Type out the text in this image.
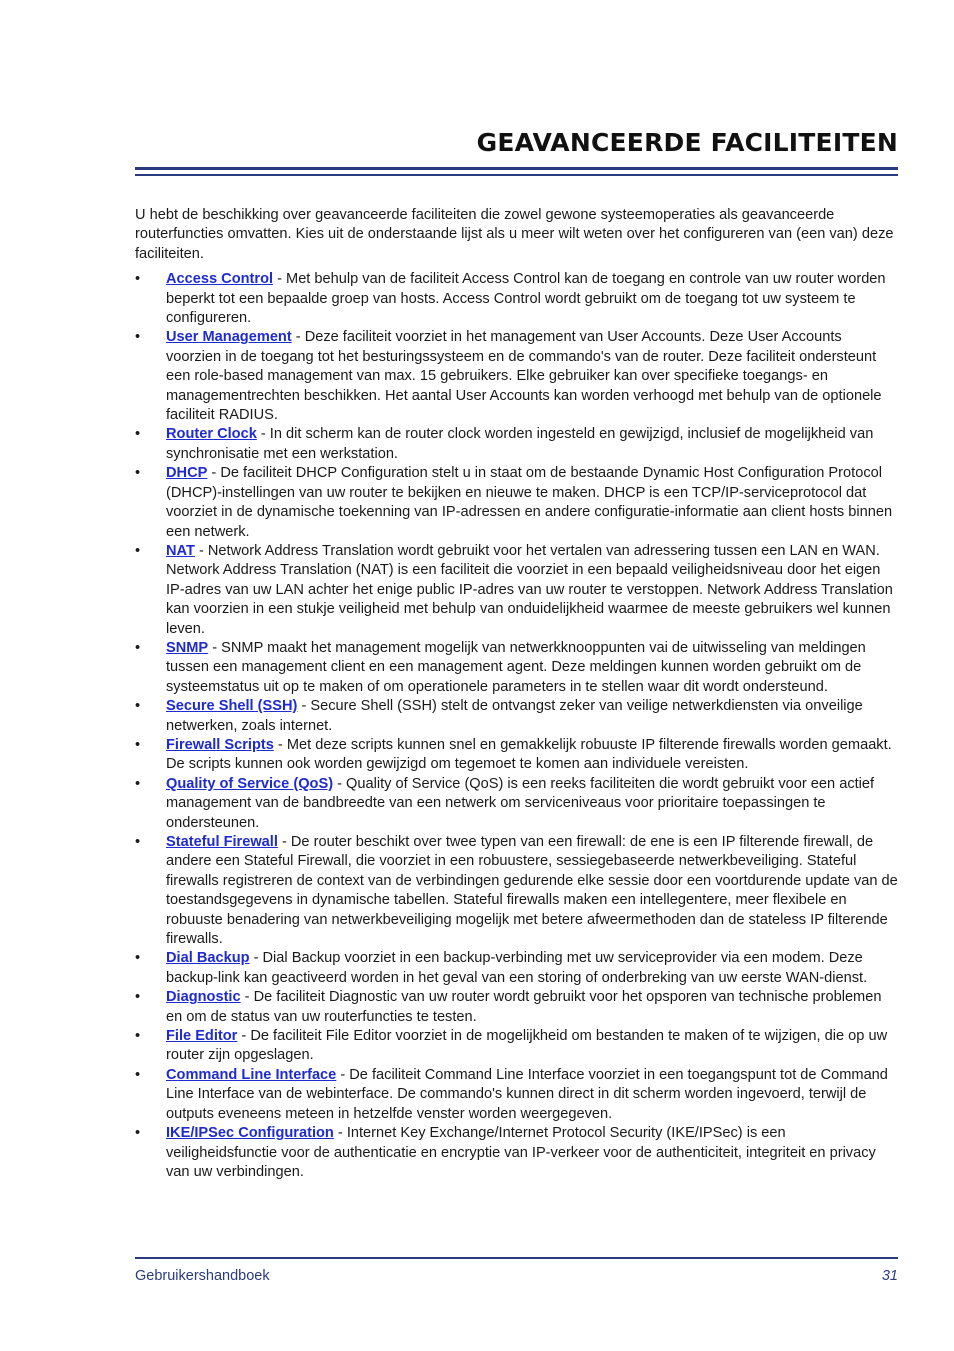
GEAVANCEERDE FACILITEITEN

U hebt de beschikking over geavanceerde faciliteiten die zowel gewone systeemoperaties als geavanceerde routerfuncties omvatten. Kies uit de onderstaande lijst als u meer wilt weten over het configureren van (een van) deze faciliteiten.

• Access Control - Met behulp van de faciliteit Access Control kan de toegang en controle van uw router worden beperkt tot een bepaalde groep van hosts. Access Control wordt gebruikt om de toegang tot uw systeem te configureren.
• User Management - Deze faciliteit voorziet in het management van User Accounts. Deze User Accounts voorzien in de toegang tot het besturingssysteem en de commando's van de router. Deze faciliteit ondersteunt een role-based management van max. 15 gebruikers. Elke gebruiker kan over specifieke toegangs- en managementrechten beschikken. Het aantal User Accounts kan worden verhoogd met behulp van de optionele faciliteit RADIUS.
• Router Clock - In dit scherm kan de router clock worden ingesteld en gewijzigd, inclusief de mogelijkheid van synchronisatie met een werkstation.
• DHCP - De faciliteit DHCP Configuration stelt u in staat om de bestaande Dynamic Host Configuration Protocol (DHCP)-instellingen van uw router te bekijken en nieuwe te maken. DHCP is een TCP/IP-serviceprotocol dat voorziet in de dynamische toekenning van IP-adressen en andere configuratie-informatie aan client hosts binnen een netwerk.
• NAT - Network Address Translation wordt gebruikt voor het vertalen van adressering tussen een LAN en WAN. Network Address Translation (NAT) is een faciliteit die voorziet in een bepaald veiligheidsniveau door het eigen IP-adres van uw LAN achter het enige public IP-adres van uw router te verstoppen. Network Address Translation kan voorzien in een stukje veiligheid met behulp van onduidelijkheid waarmee de meeste gebruikers wel kunnen leven.
• SNMP - SNMP maakt het management mogelijk van netwerkknooppunten vai de uitwisseling van meldingen tussen een management client en een management agent. Deze meldingen kunnen worden gebruikt om de systeemstatus uit op te maken of om operationele parameters in te stellen waar dit wordt ondersteund.
• Secure Shell (SSH) - Secure Shell (SSH) stelt de ontvangst zeker van veilige netwerkdiensten via onveilige netwerken, zoals internet.
• Firewall Scripts - Met deze scripts kunnen snel en gemakkelijk robuuste IP filterende firewalls worden gemaakt. De scripts kunnen ook worden gewijzigd om tegemoet te komen aan individuele vereisten.
• Quality of Service (QoS) - Quality of Service (QoS) is een reeks faciliteiten die wordt gebruikt voor een actief management van de bandbreedte van een netwerk om serviceniveaus voor prioritaire toepassingen te ondersteunen.
• Stateful Firewall - De router beschikt over twee typen van een firewall: de ene is een IP filterende firewall, de andere een Stateful Firewall, die voorziet in een robuustere, sessiegebaseerde netwerkbeveiliging. Stateful firewalls registreren de context van de verbindingen gedurende elke sessie door een voortdurende update van de toestandsgegevens in dynamische tabellen. Stateful firewalls maken een intellegentere, meer flexibele en robuuste benadering van netwerkbeveiliging mogelijk met betere afweermethoden dan de stateless IP filterende firewalls.
• Dial Backup - Dial Backup voorziet in een backup-verbinding met uw serviceprovider via een modem. Deze backup-link kan geactiveerd worden in het geval van een storing of onderbreking van uw eerste WAN-dienst.
• Diagnostic - De faciliteit Diagnostic van uw router wordt gebruikt voor het opsporen van technische problemen en om de status van uw routerfuncties te testen.
• File Editor - De faciliteit File Editor voorziet in de mogelijkheid om bestanden te maken of te wijzigen, die op uw router zijn opgeslagen.
• Command Line Interface - De faciliteit Command Line Interface voorziet in een toegangspunt tot de Command Line Interface van de webinterface. De commando's kunnen direct in dit scherm worden ingevoerd, terwijl de outputs eveneens meteen in hetzelfde venster worden weergegeven.
• IKE/IPSec Configuration - Internet Key Exchange/Internet Protocol Security (IKE/IPSec) is een veiligheidsfunctie voor de authenticatie en encryptie van IP-verkeer voor de authenticiteit, integriteit en privacy van uw verbindingen.
Gebruikershandboek	31
